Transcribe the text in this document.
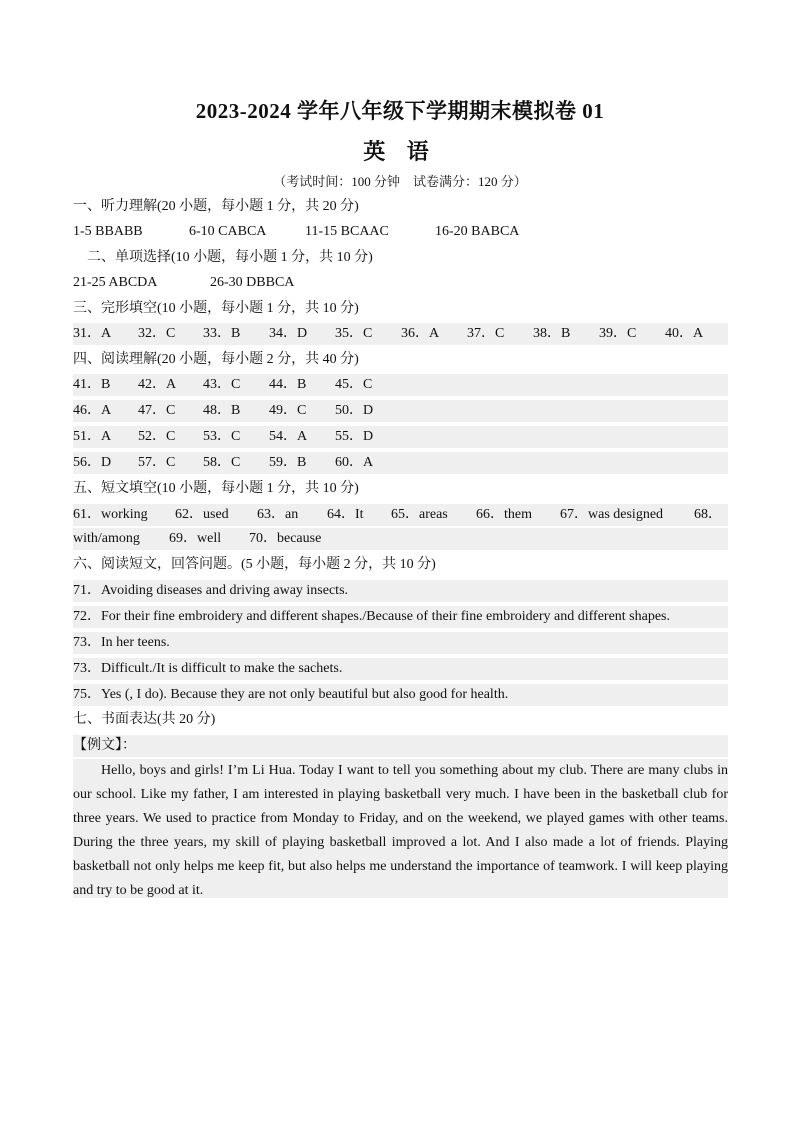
2023-2024 学年八年级下学期期末模拟卷 01
英 语
（考试时间：100 分钟　试卷满分：120 分）
一、听力理解(20 小题，每小题 1 分，共 20 分)
1-5 BBABB	6-10 CABCA	11-15 BCAAC	16-20 BABCA
二、单项选择(10 小题，每小题 1 分，共 10 分)
21-25 ABCDA	26-30 DBBCA
三、完形填空(10 小题，每小题 1 分，共 10 分)
31．A 32．C 33．B 34．D 35．C 36．A 37．C 38．B 39．C 40．A
四、阅读理解(20 小题，每小题 2 分，共 40 分)
41．B 42．A 43．C 44．B 45．C
46．A 47．C 48．B 49．C 50．D
51．A 52．C 53．C 54．A 55．D
56．D 57．C 58．C 59．B 60．A
五、短文填空(10 小题，每小题 1 分，共 10 分)
61．working 62．used 63．an 64．It 65．areas 66．them 67．was designed 68．
with/among 69．well 70．because
六、阅读短文，回答问题。(5 小题，每小题 2 分，共 10 分)
71．Avoiding diseases and driving away insects.
72．For their fine embroidery and different shapes./Because of their fine embroidery and different shapes.
73．In her teens.
73．Difficult./It is difficult to make the sachets.
75．Yes (, I do). Because they are not only beautiful but also good for health.
七、书面表达(共 20 分)
【例文】：
Hello, boys and girls! I’m Li Hua. Today I want to tell you something about my club. There are many clubs in our school. Like my father, I am interested in playing basketball very much. I have been in the basketball club for three years. We used to practice from Monday to Friday, and on the weekend, we played games with other teams. During the three years, my skill of playing basketball improved a lot. And I also made a lot of friends. Playing basketball not only helps me keep fit, but also helps me understand the importance of teamwork. I will keep playing and try to be good at it.
